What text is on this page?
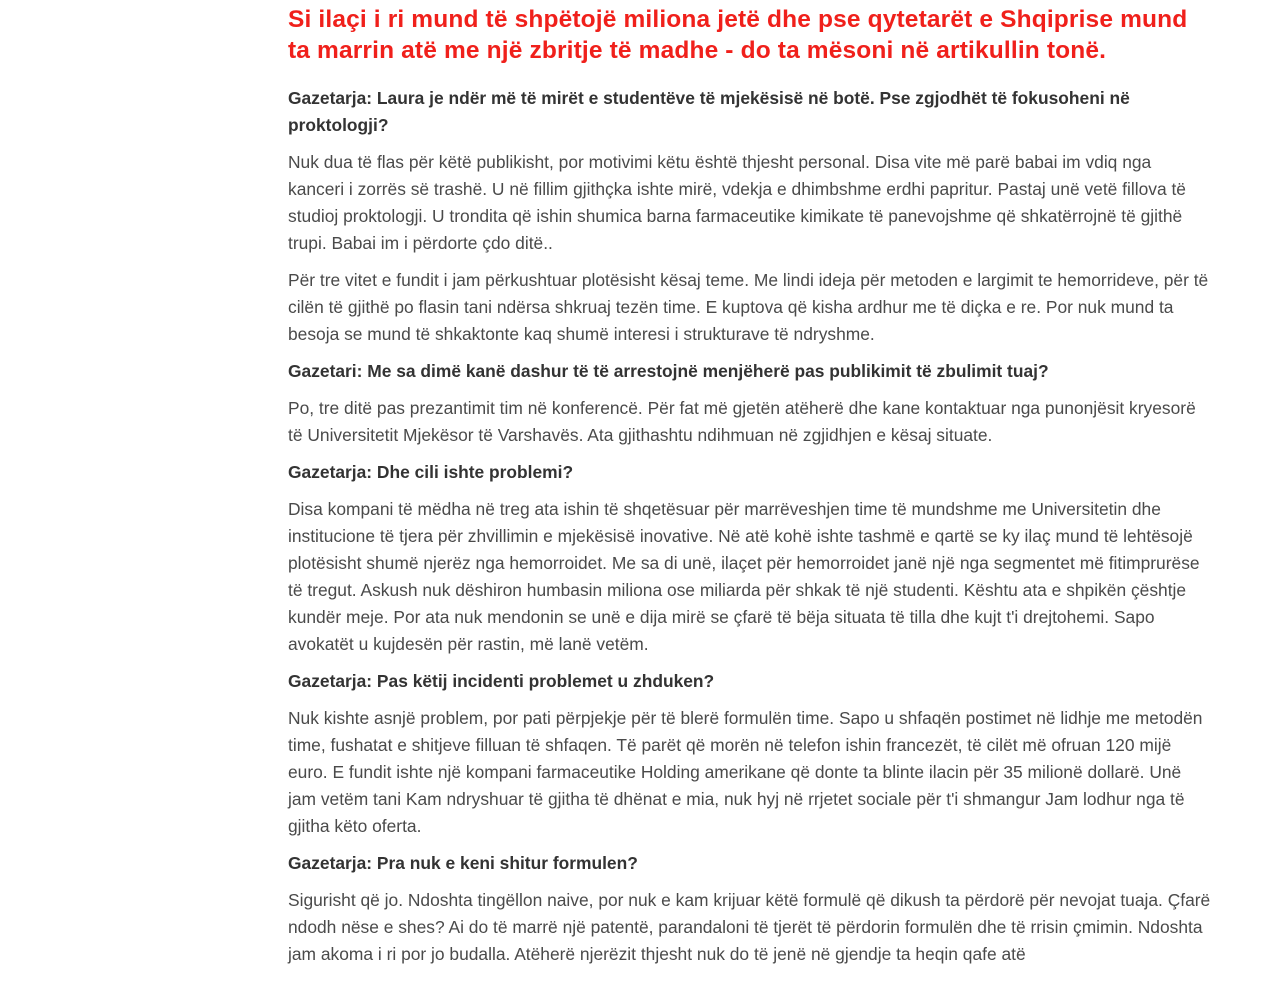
Si ilaçi i ri mund të shpëtojë miliona jetë dhe pse qytetarët e Shqiprise mund ta marrin atë me një zbritje të madhe - do ta mësoni në artikullin tonë.

Gazetarja: Laura je ndër më të mirët e studentëve të mjekësisë në botë. Pse zgjodhët të fokusoheni në proktologji?

Nuk dua të flas për këtë publikisht, por motivimi këtu është thjesht personal. Disa vite më parë babai im vdiq nga kanceri i zorrës së trashë. U në fillim gjithçka ishte mirë, vdekja e dhimbshme erdhi papritur. Pastaj unë vetë fillova të studioj proktologji. U trondita që ishin shumica barna farmaceutike kimikate të panevojshme që shkatërrojnë të gjithë trupi. Babai im i përdorte çdo ditë..

Për tre vitet e fundit i jam përkushtuar plotësisht kësaj teme. Me lindi ideja për metoden e largimit te hemorrideve, për të cilën të gjithë po flasin tani ndërsa shkruaj tezën time. E kuptova që kisha ardhur me të diçka e re. Por nuk mund ta besoja se mund të shkaktonte kaq shumë interesi i strukturave të ndryshme.

Gazetari: Me sa dimë kanë dashur të të arrestojnë menjëherë pas publikimit të zbulimit tuaj?

Po, tre ditë pas prezantimit tim në konferencë. Për fat më gjetën atëherë dhe kane kontaktuar nga punonjësit kryesorë të Universitetit Mjekësor të Varshavës. Ata gjithashtu ndihmuan në zgjidhjen e kësaj situate.

Gazetarja: Dhe cili ishte problemi?

Disa kompani të mëdha në treg ata ishin të shqetësuar për marrëveshjen time të mundshme me Universitetin dhe institucione të tjera për zhvillimin e mjekësisë inovative. Në atë kohë ishte tashmë e qartë se ky ilaç mund të lehtësojë plotësisht shumë njerëz nga hemorroidet. Me sa di unë, ilaçet për hemorroidet janë një nga segmentet më fitimprurëse të tregut. Askush nuk dëshiron humbasin miliona ose miliarda për shkak të një studenti. Kështu ata e shpikën çështje kundër meje. Por ata nuk mendonin se unë e dija mirë se çfarë të bëja situata të tilla dhe kujt t'i drejtohemi. Sapo avokatët u kujdesën për rastin, më lanë vetëm.

Gazetarja: Pas këtij incidenti problemet u zhduken?

Nuk kishte asnjë problem, por pati përpjekje për të blerë formulën time. Sapo u shfaqën postimet në lidhje me metodën time, fushatat e shitjeve filluan të shfaqen. Të parët që morën në telefon ishin francezët, të cilët më ofruan 120 mijë euro. E fundit ishte një kompani farmaceutike Holding amerikane që donte ta blinte ilacin për 35 milionë dollarë. Unë jam vetëm tani Kam ndryshuar të gjitha të dhënat e mia, nuk hyj në rrjetet sociale për t'i shmangur Jam lodhur nga të gjitha këto oferta.

Gazetarja: Pra nuk e keni shitur formulen?

Sigurisht që jo. Ndoshta tingëllon naive, por nuk e kam krijuar këtë formulë që dikush ta përdorë për nevojat tuaja. Çfarë ndodh nëse e shes? Ai do të marrë një patentë, parandaloni të tjerët të përdorin formulën dhe të rrisin çmimin. Ndoshta jam akoma i ri por jo budalla. Atëherë njerëzit thjesht nuk do të jenë në gjendje ta heqin qafe atë
